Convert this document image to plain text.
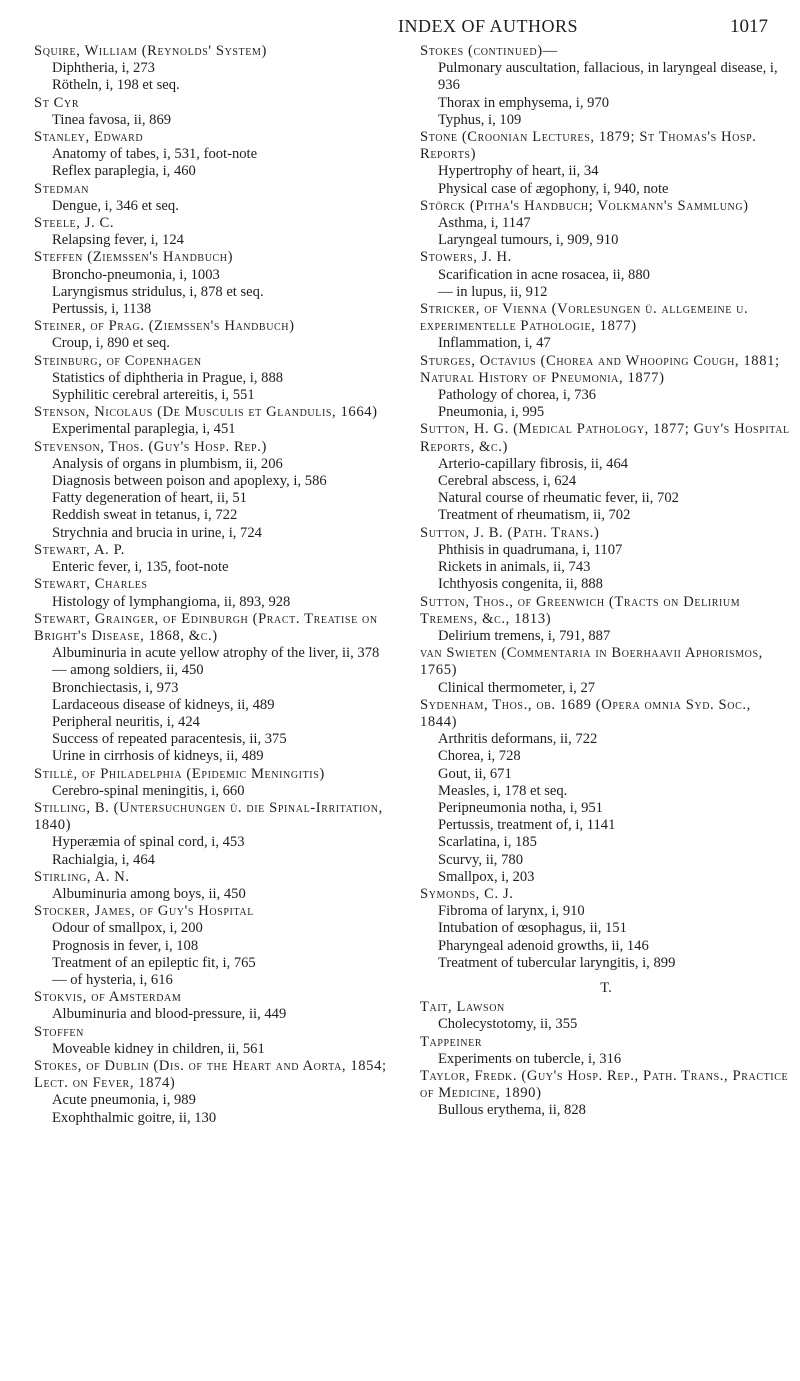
INDEX OF AUTHORS	1017

Squire, William (Reynolds' System)

Diphtheria, i, 273

Rötheln, i, 198 et seq.

St Cyr

Tinea favosa, ii, 869

Stanley, Edward

Anatomy of tabes, i, 531, foot-note

Reflex paraplegia, i, 460

Stedman

Dengue, i, 346 et seq.

Steele, J. C.

Relapsing fever, i, 124

Steffen (Ziemssen's Handbuch)

Broncho-pneumonia, i, 1003

Laryngismus stridulus, i, 878 et seq.

Pertussis, i, 1138

Steiner, of Prag. (Ziemssen's Handbuch)

Croup, i, 890 et seq.

Steinburg, of Copenhagen

Statistics of diphtheria in Prague, i, 888

Syphilitic cerebral artereitis, i, 551

Stenson, Nicolaus (De Musculis et Glandulis, 1664)

Experimental paraplegia, i, 451

Stevenson, Thos. (Guy's Hosp. Rep.)

Analysis of organs in plumbism, ii, 206

Diagnosis between poison and apoplexy, i, 586

Fatty degeneration of heart, ii, 51

Reddish sweat in tetanus, i, 722

Strychnia and brucia in urine, i, 724

Stewart, A. P.

Enteric fever, i, 135, foot-note

Stewart, Charles

Histology of lymphangioma, ii, 893, 928

Stewart, Grainger, of Edinburgh (Pract. Treatise on Bright's Disease, 1868, &c.)

Albuminuria in acute yellow atrophy of the liver, ii, 378

— among soldiers, ii, 450

Bronchiectasis, i, 973

Lardaceous disease of kidneys, ii, 489

Peripheral neuritis, i, 424

Success of repeated paracentesis, ii, 375

Urine in cirrhosis of kidneys, ii, 489

Stillé, of Philadelphia (Epidemic Meningitis)

Cerebro-spinal meningitis, i, 660

Stilling, B. (Untersuchungen ü. die Spinal-Irritation, 1840)

Hyperæmia of spinal cord, i, 453

Rachialgia, i, 464

Stirling, A. N.

Albuminuria among boys, ii, 450

Stocker, James, of Guy's Hospital

Odour of smallpox, i, 200

Prognosis in fever, i, 108

Treatment of an epileptic fit, i, 765

— of hysteria, i, 616

Stokvis, of Amsterdam

Albuminuria and blood-pressure, ii, 449

Stoffen

Moveable kidney in children, ii, 561

Stokes, of Dublin (Dis. of the Heart and Aorta, 1854; Lect. on Fever, 1874)

Acute pneumonia, i, 989

Exophthalmic goitre, ii, 130

Stokes (continued)—

Pulmonary auscultation, fallacious, in laryngeal disease, i, 936

Thorax in emphysema, i, 970

Typhus, i, 109

Stone (Croonian Lectures, 1879; St Thomas's Hosp. Reports)

Hypertrophy of heart, ii, 34

Physical case of ægophony, i, 940, note

Störck (Pitha's Handbuch; Volkmann's Sammlung)

Asthma, i, 1147

Laryngeal tumours, i, 909, 910

Stowers, J. H.

Scarification in acne rosacea, ii, 880

— in lupus, ii, 912

Stricker, of Vienna (Vorlesungen ü. allgemeine u. experimentelle Pathologie, 1877)

Inflammation, i, 47

Sturges, Octavius (Chorea and Whooping Cough, 1881; Natural History of Pneumonia, 1877)

Pathology of chorea, i, 736

Pneumonia, i, 995

Sutton, H. G. (Medical Pathology, 1877; Guy's Hospital Reports, &c.)

Arterio-capillary fibrosis, ii, 464

Cerebral abscess, i, 624

Natural course of rheumatic fever, ii, 702

Treatment of rheumatism, ii, 702

Sutton, J. B. (Path. Trans.)

Phthisis in quadrumana, i, 1107

Rickets in animals, ii, 743

Ichthyosis congenita, ii, 888

Sutton, Thos., of Greenwich (Tracts on Delirium Tremens, &c., 1813)

Delirium tremens, i, 791, 887

van Swieten (Commentaria in Boerhaavii Aphorismos, 1765)

Clinical thermometer, i, 27

Sydenham, Thos., ob. 1689 (Opera omnia Syd. Soc., 1844)

Arthritis deformans, ii, 722

Chorea, i, 728

Gout, ii, 671

Measles, i, 178 et seq.

Peripneumonia notha, i, 951

Pertussis, treatment of, i, 1141

Scarlatina, i, 185

Scurvy, ii, 780

Smallpox, i, 203

Symonds, C. J.

Fibroma of larynx, i, 910

Intubation of œsophagus, ii, 151

Pharyngeal adenoid growths, ii, 146

Treatment of tubercular laryngitis, i, 899

T.

Tait, Lawson

Cholecystotomy, ii, 355

Tappeiner

Experiments on tubercle, i, 316

Taylor, Fredk. (Guy's Hosp. Rep., Path. Trans., Practice of Medicine, 1890)

Bullous erythema, ii, 828
